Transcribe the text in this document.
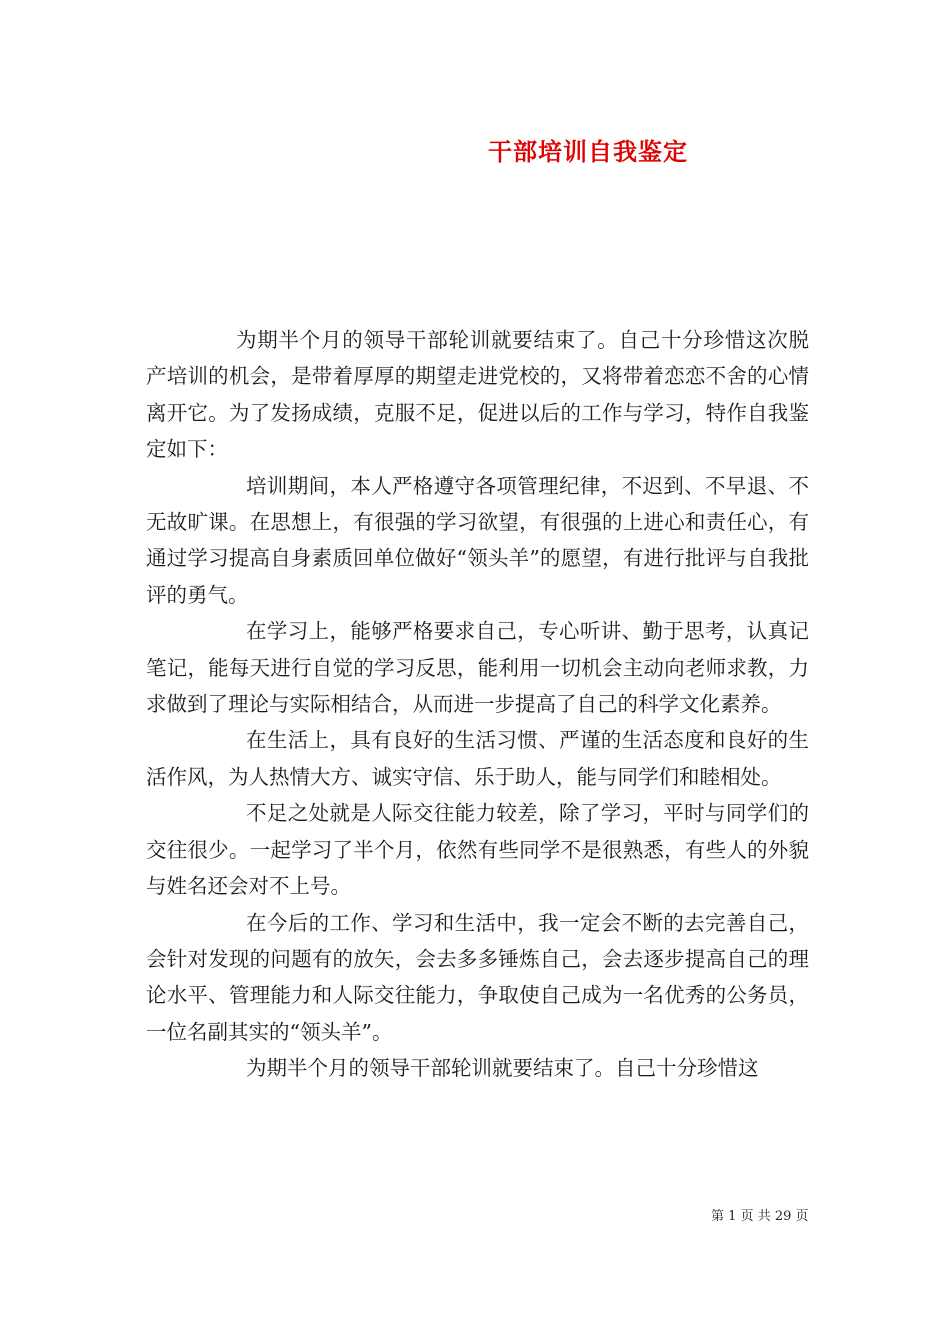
干部培训自我鉴定

为期半个月的领导干部轮训就要结束了。自己十分珍惜这次脱产培训的机会，是带着厚厚的期望走进党校的，又将带着恋恋不舍的心情离开它。为了发扬成绩，克服不足，促进以后的工作与学习，特作自我鉴定如下：

培训期间，本人严格遵守各项管理纪律，不迟到、不早退、不无故旷课。在思想上，有很强的学习欲望，有很强的上进心和责任心，有通过学习提高自身素质回单位做好“领头羊”的愿望，有进行批评与自我批评的勇气。

在学习上，能够严格要求自己，专心听讲、勤于思考，认真记笔记，能每天进行自觉的学习反思，能利用一切机会主动向老师求教，力求做到了理论与实际相结合，从而进一步提高了自己的科学文化素养。

在生活上，具有良好的生活习惯、严谨的生活态度和良好的生活作风，为人热情大方、诚实守信、乐于助人，能与同学们和睦相处。

不足之处就是人际交往能力较差，除了学习，平时与同学们的交往很少。一起学习了半个月，依然有些同学不是很熟悉，有些人的外貌与姓名还会对不上号。

在今后的工作、学习和生活中，我一定会不断的去完善自己，会针对发现的问题有的放矢，会去多多锤炼自己，会去逐步提高自己的理论水平、管理能力和人际交往能力，争取使自己成为一名优秀的公务员，一位名副其实的“领头羊”。

为期半个月的领导干部轮训就要结束了。自己十分珍惜这

第 1 页 共 29 页
